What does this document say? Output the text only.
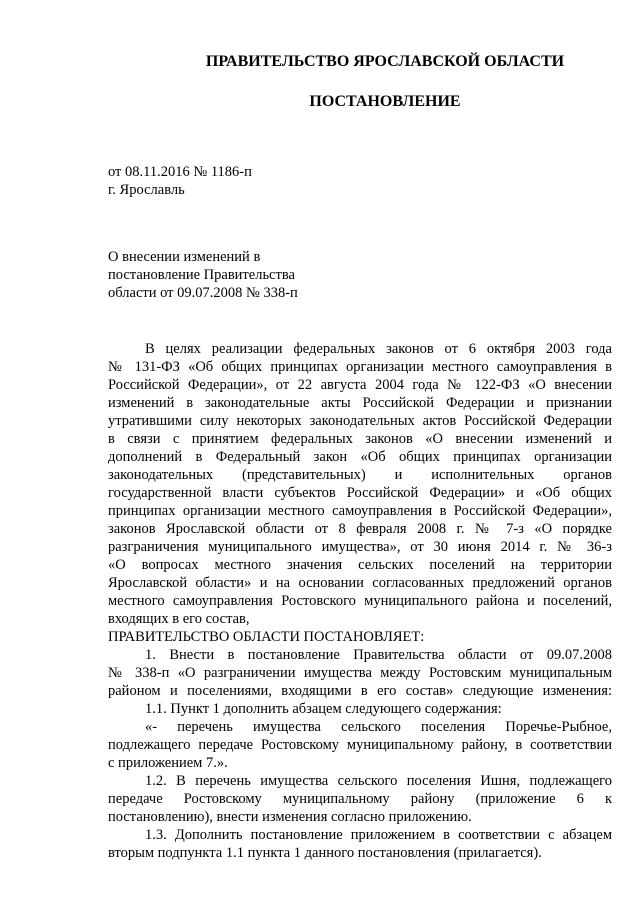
ПРАВИТЕЛЬСТВО ЯРОСЛАВСКОЙ ОБЛАСТИ
ПОСТАНОВЛЕНИЕ
от 08.11.2016 № 1186-п
г. Ярославль
О внесении изменений в
постановление Правительства
области от 09.07.2008 № 338-п
В целях реализации федеральных законов от 6 октября 2003 года
№ 131-ФЗ «Об общих принципах организации местного самоуправления в
Российской Федерации», от 22 августа 2004 года № 122-ФЗ «О внесении
изменений в законодательные акты Российской Федерации и признании
утратившими силу некоторых законодательных актов Российской Федерации
в связи с принятием федеральных законов «О внесении изменений и
дополнений в Федеральный закон «Об общих принципах организации
законодательных (представительных) и исполнительных органов
государственной власти субъектов Российской Федерации» и «Об общих
принципах организации местного самоуправления в Российской Федерации»,
законов Ярославской области от 8 февраля 2008 г. № 7-з «О порядке
разграничения муниципального имущества», от 30 июня 2014 г. № 36-з
«О вопросах местного значения сельских поселений на территории
Ярославской области» и на основании согласованных предложений органов
местного самоуправления Ростовского муниципального района и поселений,
входящих в его состав,
ПРАВИТЕЛЬСТВО ОБЛАСТИ ПОСТАНОВЛЯЕТ:
1. Внести в постановление Правительства области от 09.07.2008
№ 338-п «О разграничении имущества между Ростовским муниципальным
районом и поселениями, входящими в его состав» следующие изменения:
1.1. Пункт 1 дополнить абзацем следующего содержания:
«- перечень имущества сельского поселения Поречье-Рыбное,
подлежащего передаче Ростовскому муниципальному району, в соответствии
с приложением 7.».
1.2. В перечень имущества сельского поселения Ишня, подлежащего
передаче Ростовскому муниципальному району (приложение 6 к
постановлению), внести изменения согласно приложению.
1.3. Дополнить постановление приложением в соответствии с абзацем
вторым подпункта 1.1 пункта 1 данного постановления (прилагается).
